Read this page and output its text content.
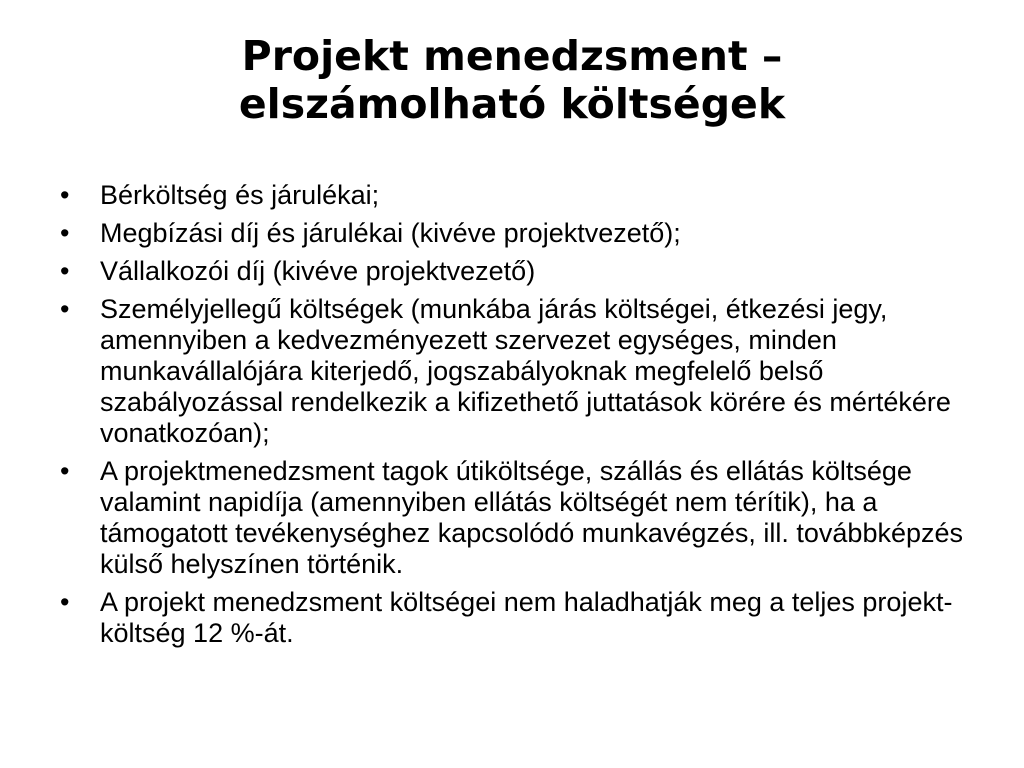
Projekt menedzsment –
elszámolható költségek
• Bérköltség és járulékai;
• Megbízási díj és járulékai (kivéve projektvezető);
• Vállalkozói díj (kivéve projektvezető)
• Személyjellegű költségek (munkába járás költségei, étkezési jegy, amennyiben a kedvezményezett szervezet egységes, minden munkavállalójára kiterjedő, jogszabályoknak megfelelő belső szabályozással rendelkezik a kifizethető juttatások körére és mértékére vonatkozóan);
• A projektmenedzsment tagok útiköltsége, szállás és ellátás költsége valamint napidíja (amennyiben ellátás költségét nem térítik), ha a támogatott tevékenységhez kapcsolódó munkavégzés, ill. továbbképzés külső helyszínen történik.
• A projekt menedzsment költségei nem haladhatják meg a teljes projekt-költség 12 %-át.
